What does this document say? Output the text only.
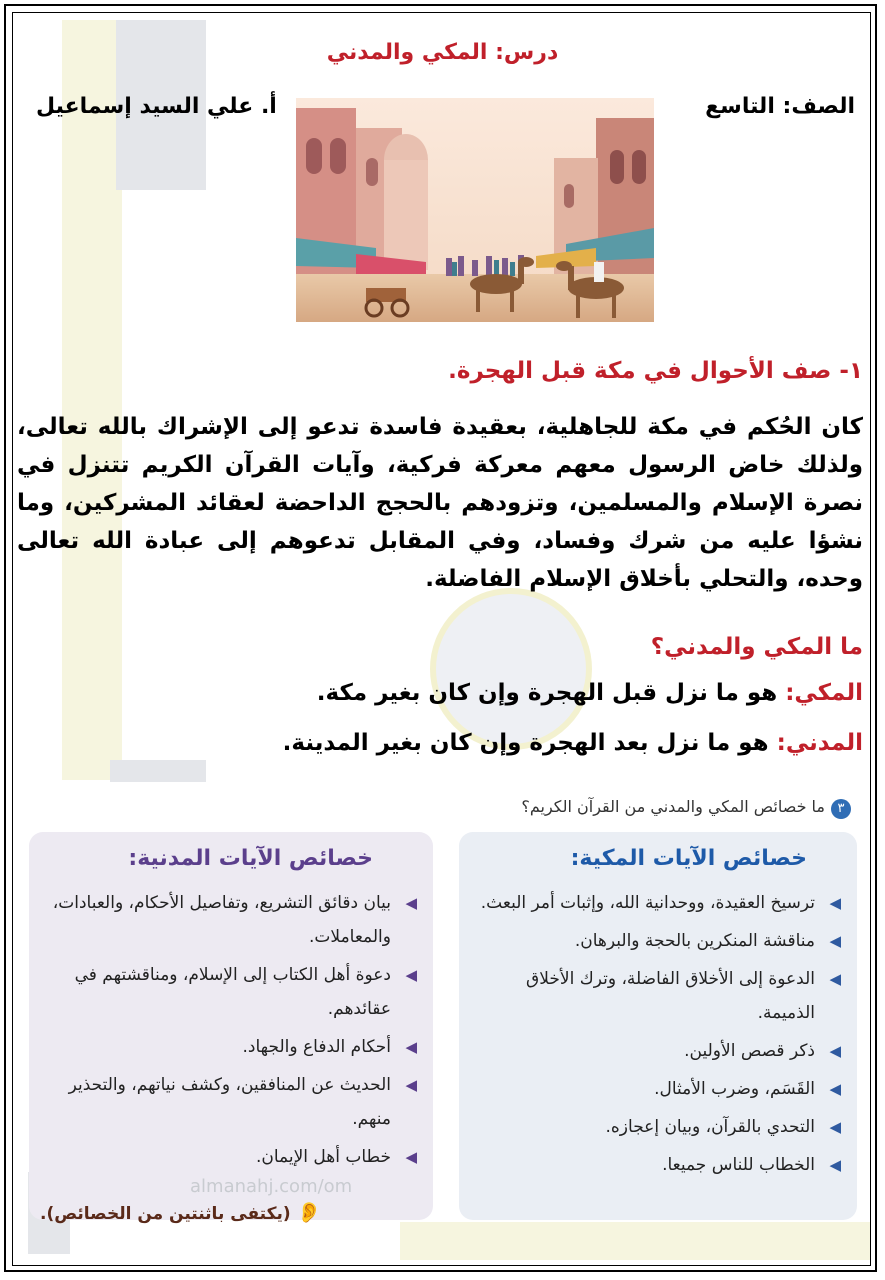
درس: المكي والمدني
الصف: التاسع
أ. علي السيد إسماعيل
١- صف الأحوال في مكة قبل الهجرة.
كان الحُكم في مكة للجاهلية، بعقيدة فاسدة تدعو إلى الإشراك بالله تعالى، ولذلك خاض الرسول معهم معركة فركية، وآيات القرآن الكريم تتنزل في نصرة الإسلام والمسلمين، وتزودهم بالحجج الداحضة لعقائد المشركين، وما نشؤا عليه من شرك وفساد، وفي المقابل تدعوهم إلى عبادة الله تعالى وحده، والتحلي بأخلاق الإسلام الفاضلة.
ما المكي والمدني؟
المكي: هو ما نزل قبل الهجرة وإن كان بغير مكة.
المدني: هو ما نزل بعد الهجرة وإن كان بغير المدينة.
٣
ما خصائص المكي والمدني من القرآن الكريم؟
خصائص الآيات المكية:
◀
ترسيخ العقيدة، ووحدانية الله، وإثبات أمر البعث.
◀
مناقشة المنكرين بالحجة والبرهان.
◀
الدعوة إلى الأخلاق الفاضلة، وترك الأخلاق الذميمة.
◀
ذكر قصص الأولين.
◀
القَسَم، وضرب الأمثال.
◀
التحدي بالقرآن، وبيان إعجازه.
◀
الخطاب للناس جميعا.
خصائص الآيات المدنية:
◀
بيان دقائق التشريع، وتفاصيل الأحكام، والعبادات، والمعاملات.
◀
دعوة أهل الكتاب إلى الإسلام، ومناقشتهم في عقائدهم.
◀
أحكام الدفاع والجهاد.
◀
الحديث عن المنافقين، وكشف نياتهم، والتحذير منهم.
◀
خطاب أهل الإيمان.
almanahj.com/om
👂(يكتفى باثنتين من الخصائص).
